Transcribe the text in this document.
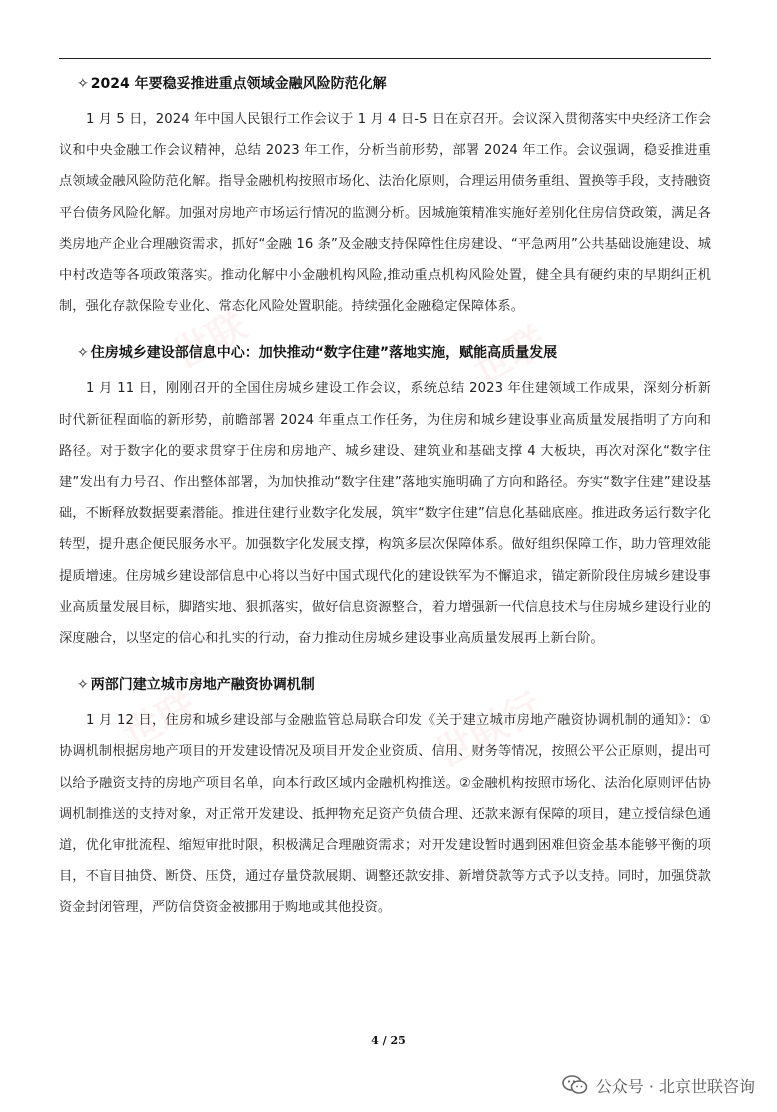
世联	世联
世联	世联行
✧ 2024 年要稳妥推进重点领域金融风险防范化解

1 月 5 日，2024 年中国人民银行工作会议于 1 月 4 日-5 日在京召开。会议深入贯彻落实中央经济工作会议和中央金融工作会议精神，总结 2023 年工作，分析当前形势，部署 2024 年工作。会议强调，稳妥推进重点领域金融风险防范化解。指导金融机构按照市场化、法治化原则，合理运用债务重组、置换等手段，支持融资平台债务风险化解。加强对房地产市场运行情况的监测分析。因城施策精准实施好差别化住房信贷政策，满足各类房地产企业合理融资需求，抓好“金融 16 条”及金融支持保障性住房建设、“平急两用”公共基础设施建设、城中村改造等各项政策落实。推动化解中小金融机构风险,推动重点机构风险处置，健全具有硬约束的早期纠正机制，强化存款保险专业化、常态化风险处置职能。持续强化金融稳定保障体系。

✧ 住房城乡建设部信息中心：加快推动“数字住建”落地实施，赋能高质量发展

1 月 11 日，刚刚召开的全国住房城乡建设工作会议，系统总结 2023 年住建领域工作成果，深刻分析新时代新征程面临的新形势，前瞻部署 2024 年重点工作任务，为住房和城乡建设事业高质量发展指明了方向和路径。对于数字化的要求贯穿于住房和房地产、城乡建设、建筑业和基础支撑 4 大板块，再次对深化“数字住建”发出有力号召、作出整体部署，为加快推动“数字住建”落地实施明确了方向和路径。夯实“数字住建”建设基础，不断释放数据要素潜能。推进住建行业数字化发展，筑牢“数字住建”信息化基础底座。推进政务运行数字化转型，提升惠企便民服务水平。加强数字化发展支撑，构筑多层次保障体系。做好组织保障工作，助力管理效能提质增速。住房城乡建设部信息中心将以当好中国式现代化的建设铁军为不懈追求，锚定新阶段住房城乡建设事业高质量发展目标，脚踏实地、狠抓落实，做好信息资源整合，着力增强新一代信息技术与住房城乡建设行业的深度融合，以坚定的信心和扎实的行动，奋力推动住房城乡建设事业高质量发展再上新台阶。

✧ 两部门建立城市房地产融资协调机制

1 月 12 日，住房和城乡建设部与金融监管总局联合印发《关于建立城市房地产融资协调机制的通知》：①协调机制根据房地产项目的开发建设情况及项目开发企业资质、信用、财务等情况，按照公平公正原则，提出可以给予融资支持的房地产项目名单，向本行政区域内金融机构推送。②金融机构按照市场化、法治化原则评估协调机制推送的支持对象，对正常开发建设、抵押物充足资产负债合理、还款来源有保障的项目，建立授信绿色通道，优化审批流程、缩短审批时限，积极满足合理融资需求；对开发建设暂时遇到困难但资金基本能够平衡的项目，不盲目抽贷、断贷、压贷，通过存量贷款展期、调整还款安排、新增贷款等方式予以支持。同时，加强贷款资金封闭管理，严防信贷资金被挪用于购地或其他投资。

4 / 25
公众号 · 北京世联咨询
